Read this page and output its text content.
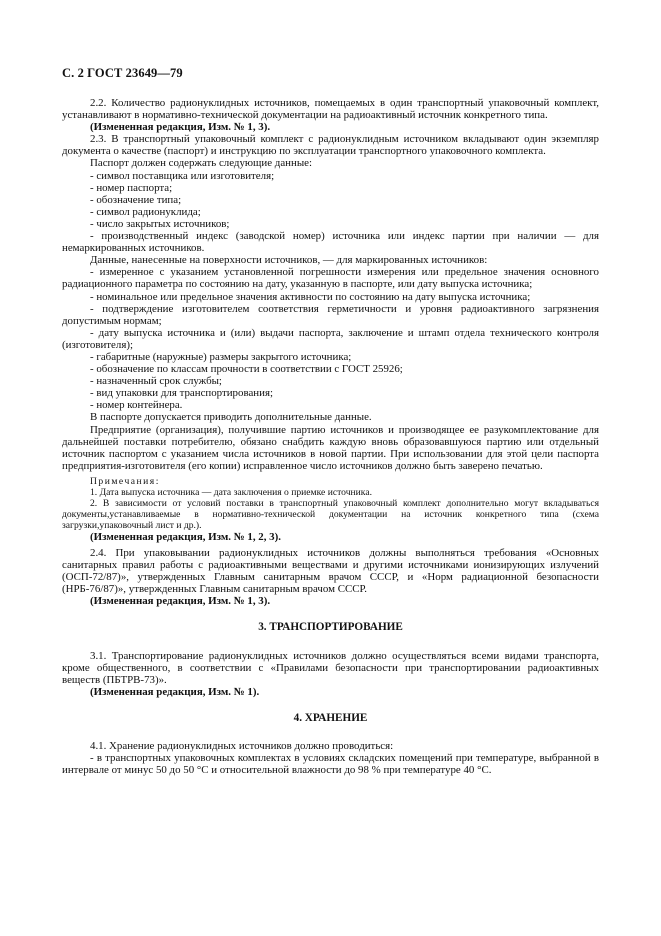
С. 2 ГОСТ 23649—79

2.2. Количество радионуклидных источников, помещаемых в один транспортный упаковочный комплект, устанавливают в нормативно-технической документации на радиоактивный источник конкретного типа.

(Измененная редакция, Изм. № 1, 3).

2.3. В транспортный упаковочный комплект с радионуклидным источником вкладывают один экземпляр документа о качестве (паспорт) и инструкцию по эксплуатации транспортного упаковочного комплекта.

Паспорт должен содержать следующие данные:

- символ поставщика или изготовителя;

- номер паспорта;

- обозначение типа;

- символ радионуклида;

- число закрытых источников;

- производственный индекс (заводской номер) источника или индекс партии при наличии — для немаркированных источников.

Данные, нанесенные на поверхности источников, — для маркированных источников:

- измеренное с указанием установленной погрешности измерения или предельное значения основного радиационного параметра по состоянию на дату, указанную в паспорте, или дату выпуска источника;

- номинальное или предельное значения активности по состоянию на дату выпуска источника;

- подтверждение изготовителем соответствия герметичности и уровня радиоактивного загрязнения допустимым нормам;

- дату выпуска источника и (или) выдачи паспорта, заключение и штамп отдела технического контроля (изготовителя);

- габаритные (наружные) размеры закрытого источника;

- обозначение по классам прочности в соответствии с ГОСТ 25926;

- назначенный срок службы;

- вид упаковки для транспортирования;

- номер контейнера.

В паспорте допускается приводить дополнительные данные.

Предприятие (организация), получившие партию источников и производящее ее разукомплектование для дальнейшей поставки потребителю, обязано снабдить каждую вновь образовавшуюся партию или отдельный источник паспортом с указанием числа источников в новой партии. При использовании для этой цели паспорта предприятия-изготовителя (его копии) исправленное число источников должно быть заверено печатью.

Примечания:

1. Дата выпуска источника — дата заключения о приемке источника.

2. В зависимости от условий поставки в транспортный упаковочный комплект дополнительно могут вкладываться документы,устанавливаемые в нормативно-технической документации на источник конкретного типа (схема загрузки,упаковочный лист и др.).

(Измененная редакция, Изм. № 1, 2, 3).

2.4. При упаковывании радионуклидных источников должны выполняться требования «Основных санитарных правил работы с радиоактивными веществами и другими источниками ионизирующих излучений (ОСП-72/87)», утвержденных Главным санитарным врачом СССР, и «Норм радиационной безопасности (НРБ-76/87)», утвержденных Главным санитарным врачом СССР.

(Измененная редакция, Изм. № 1, 3).

3. ТРАНСПОРТИРОВАНИЕ

3.1. Транспортирование радионуклидных источников должно осуществляться всеми видами транспорта, кроме общественного, в соответствии с «Правилами безопасности при транспортировании радиоактивных веществ (ПБТРВ-73)».

(Измененная редакция, Изм. № 1).

4. ХРАНЕНИЕ

4.1. Хранение радионуклидных источников должно проводиться:

- в транспортных упаковочных комплектах в условиях складских помещений при температуре, выбранной в интервале от минус 50 до 50 °С и относительной влажности до 98 % при температуре 40 °С.
